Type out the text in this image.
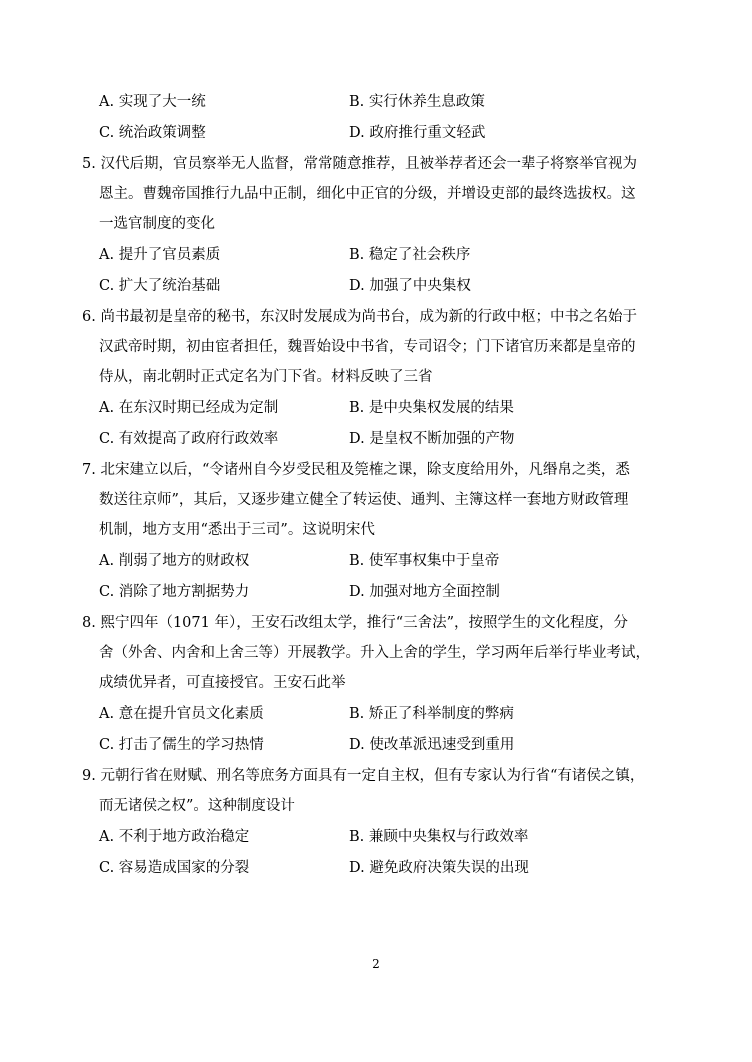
A. 实现了大一统	B. 实行休养生息政策
C. 统治政策调整	D. 政府推行重文轻武
5. 汉代后期，官员察举无人监督，常常随意推荐，且被举荐者还会一辈子将察举官视为
恩主。曹魏帝国推行九品中正制，细化中正官的分级，并增设吏部的最终选拔权。这
一选官制度的变化
A. 提升了官员素质	B. 稳定了社会秩序
C. 扩大了统治基础	D. 加强了中央集权
6. 尚书最初是皇帝的秘书，东汉时发展成为尚书台，成为新的行政中枢；中书之名始于
汉武帝时期，初由宦者担任，魏晋始设中书省，专司诏令；门下诸官历来都是皇帝的
侍从，南北朝时正式定名为门下省。材料反映了三省
A. 在东汉时期已经成为定制	B. 是中央集权发展的结果
C. 有效提高了政府行政效率	D. 是皇权不断加强的产物
7. 北宋建立以后，“令诸州自今岁受民租及筦榷之课，除支度给用外，凡缗帛之类，悉
数送往京师”，其后，又逐步建立健全了转运使、通判、主簿这样一套地方财政管理
机制，地方支用“悉出于三司”。这说明宋代
A. 削弱了地方的财政权	B. 使军事权集中于皇帝
C. 消除了地方割据势力	D. 加强对地方全面控制
8. 熙宁四年（1071 年），王安石改组太学，推行“三舍法”，按照学生的文化程度，分
舍（外舍、内舍和上舍三等）开展教学。升入上舍的学生，学习两年后举行毕业考试，
成绩优异者，可直接授官。王安石此举
A. 意在提升官员文化素质	B. 矫正了科举制度的弊病
C. 打击了儒生的学习热情	D. 使改革派迅速受到重用
9. 元朝行省在财赋、刑名等庶务方面具有一定自主权，但有专家认为行省“有诸侯之镇，
而无诸侯之权”。这种制度设计
A. 不利于地方政治稳定	B. 兼顾中央集权与行政效率
C. 容易造成国家的分裂	D. 避免政府决策失误的出现
2
